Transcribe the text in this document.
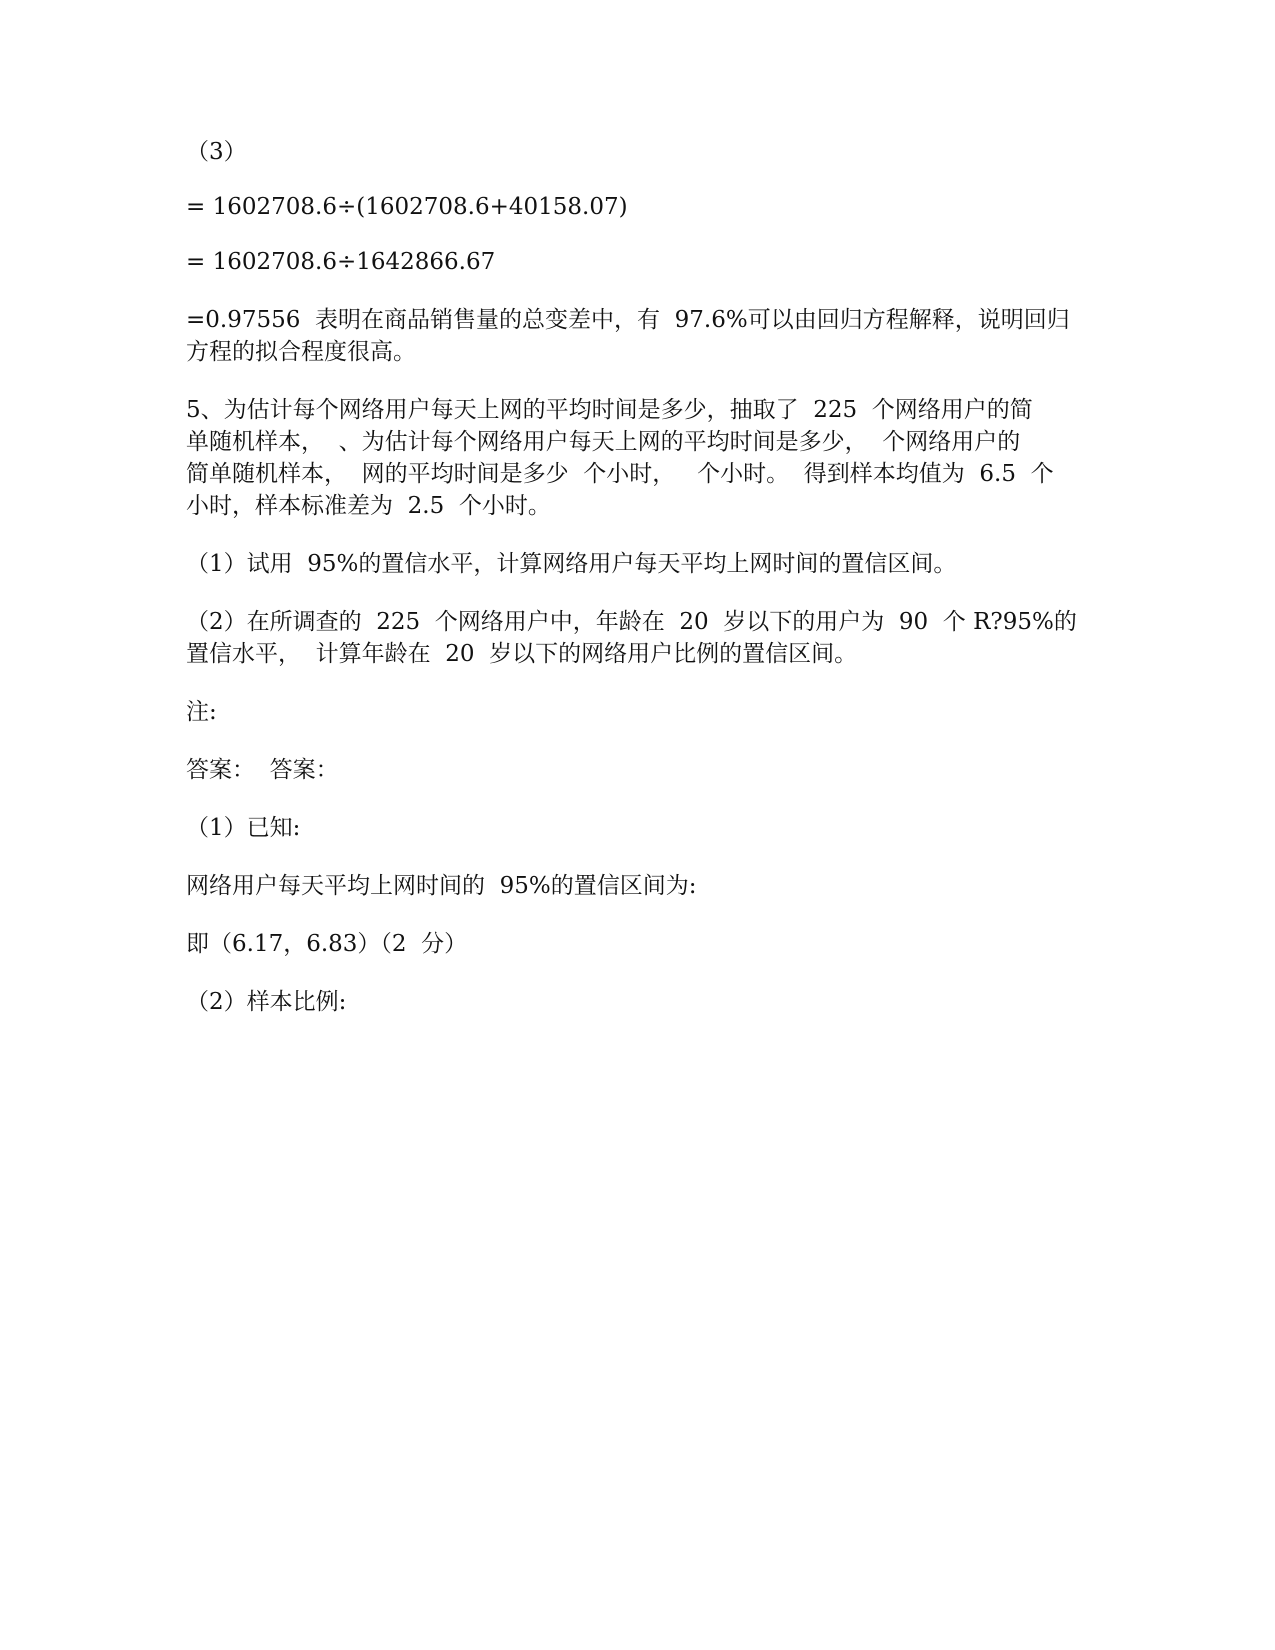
（3）

= 1602708.6÷(1602708.6+40158.07)

= 1602708.6÷1642866.67

=0.97556  表明在商品销售量的总变差中，有  97.6%可以由回归方程解释，说明回归
方程的拟合程度很高。

5、为估计每个网络用户每天上网的平均时间是多少，抽取了  225  个网络用户的简
单随机样本，  、为估计每个网络用户每天上网的平均时间是多少，  个网络用户的
简单随机样本，  网的平均时间是多少  个小时，   个小时。  得到样本均值为  6.5  个
小时，样本标准差为  2.5  个小时。

（1）试用  95%的置信水平，计算网络用户每天平均上网时间的置信区间。

（2）在所调查的  225  个网络用户中，年龄在  20  岁以下的用户为  90  个 R?95%的
置信水平，  计算年龄在  20  岁以下的网络用户比例的置信区间。

注:

答案：  答案：

（1）已知:

网络用户每天平均上网时间的  95%的置信区间为:

即（6.17，6.83）（2  分）

（2）样本比例:
